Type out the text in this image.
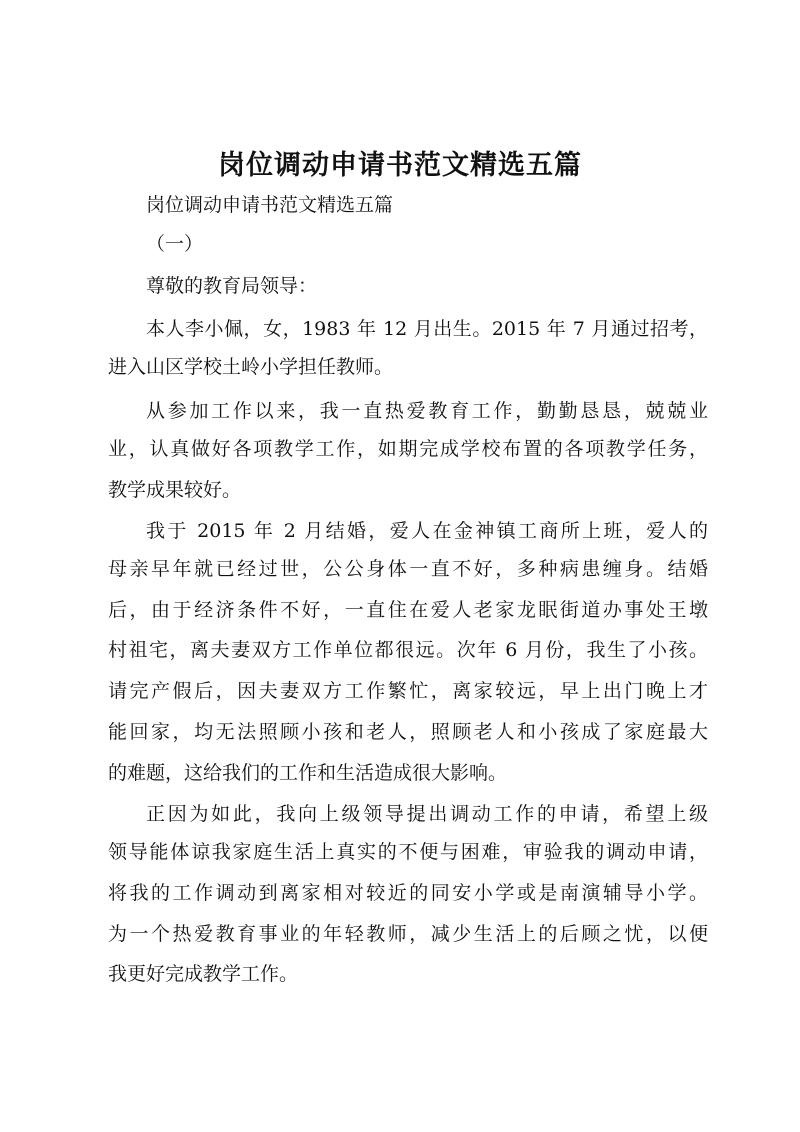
岗位调动申请书范文精选五篇

岗位调动申请书范文精选五篇

（一）

尊敬的教育局领导：

本人李小佩，女，1983 年 12 月出生。2015 年 7 月通过招考，

进入山区学校土岭小学担任教师。

从参加工作以来，我一直热爱教育工作，勤勤恳恳，兢兢业

业，认真做好各项教学工作，如期完成学校布置的各项教学任务，

教学成果较好。

我于 2015 年 2 月结婚，爱人在金神镇工商所上班，爱人的

母亲早年就已经过世，公公身体一直不好，多种病患缠身。结婚

后，由于经济条件不好，一直住在爱人老家龙眠街道办事处王墩

村祖宅，离夫妻双方工作单位都很远。次年 6 月份，我生了小孩。

请完产假后，因夫妻双方工作繁忙，离家较远，早上出门晚上才

能回家，均无法照顾小孩和老人，照顾老人和小孩成了家庭最大

的难题，这给我们的工作和生活造成很大影响。

正因为如此，我向上级领导提出调动工作的申请，希望上级

领导能体谅我家庭生活上真实的不便与困难，审验我的调动申请，

将我的工作调动到离家相对较近的同安小学或是南演辅导小学。

为一个热爱教育事业的年轻教师，减少生活上的后顾之忧，以便

我更好完成教学工作。
